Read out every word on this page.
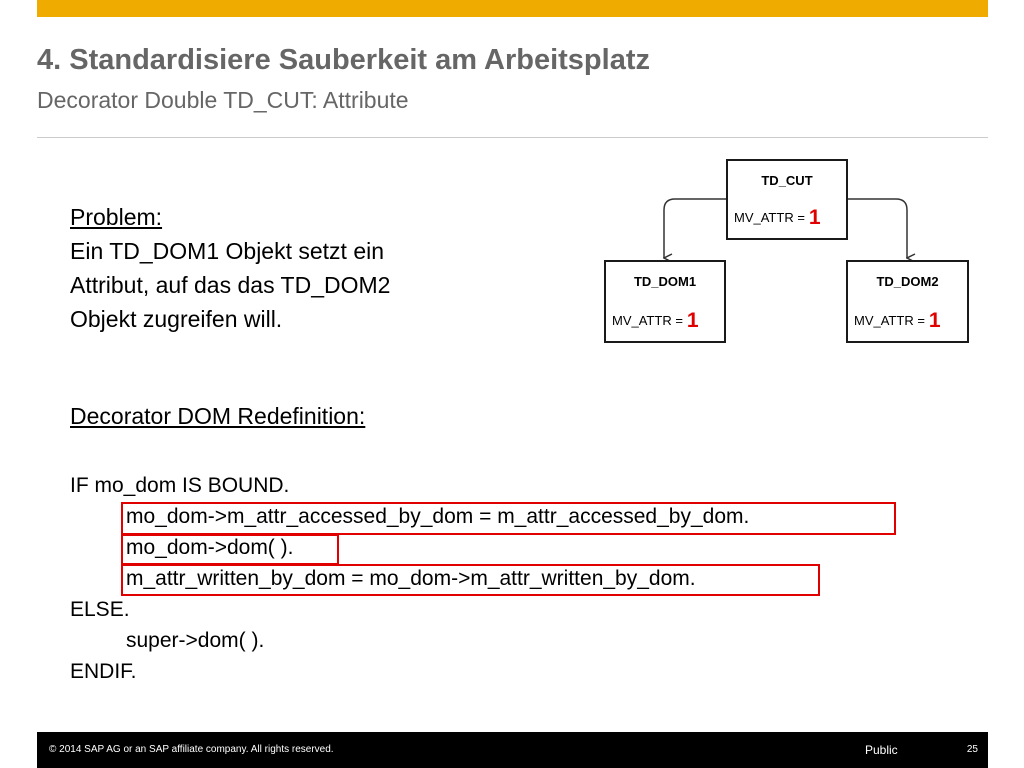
4. Standardisiere Sauberkeit am Arbeitsplatz
Decorator Double TD_CUT: Attribute
Problem:
Ein TD_DOM1 Objekt setzt ein
Attribut, auf das das TD_DOM2
Objekt zugreifen will.
TD_CUT
MV_ATTR = 1
TD_DOM1
MV_ATTR = 1
TD_DOM2
MV_ATTR = 1
Decorator DOM Redefinition:
IF mo_dom IS BOUND.
mo_dom->m_attr_accessed_by_dom = m_attr_accessed_by_dom.
mo_dom->dom( ).
m_attr_written_by_dom = mo_dom->m_attr_written_by_dom.
ELSE.
super->dom( ).
ENDIF.
© 2014 SAP AG or an SAP affiliate company. All rights reserved.	Public	25
